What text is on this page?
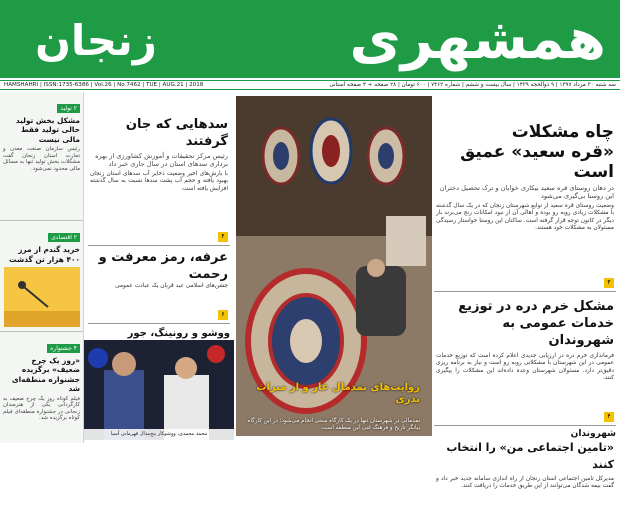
همشهری
زنجان
سه شنبه ۳۰ مرداد ۱۳۹۷ | ۹ ذوالحجه ۱۴۳۹ | سال بیست و ششم | شماره ۷۴۶۲ | ۶۰۰ تومان | ۲۸ صفحه + ۴ صفحه استانی
HAMSHAHRI | ISSN:1735-6386 | Vol.26 | No.7462 | TUE | AUG.21 | 2018
چاه مشکلات
«قره سعید» عمیق است
در دهان روستای قره سعید بیکاری خوابان و ترک تحصیل دختران این روستا بی‌گیری می‌شود
وضعیت روستای قره سعید از توابع شهرستان زنجان که در یک سال گذشته با مشکلات زیادی روبه رو بوده و اهالی آن از نبود امکانات رنج می‌برند بار دیگر در کانون توجه قرار گرفته است. ساکنان این روستا خواستار رسیدگی مسئولان به مشکلات خود هستند.
۴
مشکل خرم دره در توزیع خدمات عمومی به شهروندان
فرمانداری خرم دره در ارزیابی جدیدی اعلام کرده است که توزیع خدمات عمومی در این شهرستان با مشکلاتی روبه رو است و نیاز به برنامه ریزی دقیق‌تر دارد. مسئولان شهرستان وعده داده‌اند این مشکلات را پیگیری کنند.
۴
شهروندان
«تامین اجتماعی من» را انتخاب کنند
مدیرکل تامین اجتماعی استان زنجان از راه اندازی سامانه جدید خبر داد و گفت بیمه شدگان می‌توانند از این طریق خدمات را دریافت کنند.
روایت‌های نمدمال غار و از میراث بدری
نمدمالی در شهرستان تنها در یک کارگاه سنتی انجام می‌شود؛ در این کارگاه بیانگر تاریخ و فرهنگ غنی این منطقه است.
سدهایی که جان گرفتند
رئیس مرکز تحقیقات و آموزش کشاورزی از بهره برداری سدهای استان در سال جاری خبر داد
با بارش‌های اخیر وضعیت ذخایر آب سدهای استان زنجان بهبود یافته و حجم آب پشت سدها نسبت به سال گذشته افزایش یافته است.
۴
عرفه، رمز معرفت و رحمت
جشن‌های اسلامی عید قربان یک عبادت عمومی
۶
ووشو و رونینگ، جور
محمد محمدی، ووشوکار پنج‌مدال قهرمانی آسیا
۲ تولید
مشکل بخش تولید حالی تولید فقط مالی نیست
رئیس سازمان صنعت معدن و تجارت استان زنجان گفت مشکلات بخش تولید تنها به مسائل مالی محدود نمی‌شود.
۲ اقتصادی
خرید گندم از مرز ۴۰۰ هزار تن گذشت
۴ جشنواره
«روز یک چرخ ضعیف» برگزیده جشنواره منطقه‌ای شد
فیلم کوتاه روز یک چرخ ضعیف به کارگردانی یکی از هنرمندان زنجانی در جشنواره منطقه‌ای فیلم کوتاه برگزیده شد.
